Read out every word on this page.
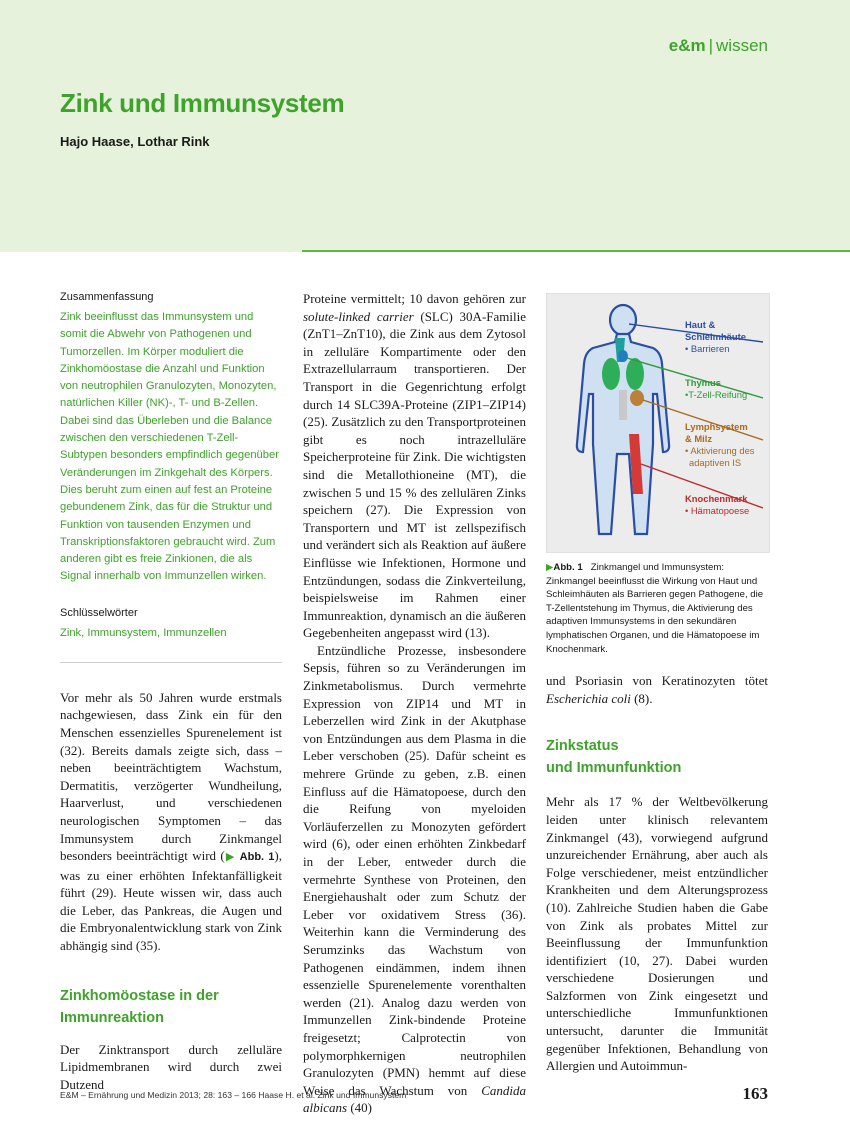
e&m | wissen
Zink und Immunsystem
Hajo Haase, Lothar Rink

Zusammenfassung

Zink beeinflusst das Immunsystem und somit die Abwehr von Pathogenen und Tumorzellen. Im Körper moduliert die Zinkhomöostase die Anzahl und Funktion von neutrophilen Granulozyten, Monozyten, natürlichen Killer (NK)-, T- und B-Zellen. Dabei sind das Überleben und die Balance zwischen den verschiedenen T-Zell-Subtypen besonders empfindlich gegenüber Veränderungen im Zinkgehalt des Körpers. Dies beruht zum einen auf fest an Proteine gebundenem Zink, das für die Struktur und Funktion von tausenden Enzymen und Transkriptionsfaktoren gebraucht wird. Zum anderen gibt es freie Zinkionen, die als Signal innerhalb von Immunzellen wirken.

Schlüsselwörter

Zink, Immunsystem, Immunzellen

Vor mehr als 50 Jahren wurde erstmals nachgewiesen, dass Zink ein für den Menschen essenzielles Spurenelement ist (32). Bereits damals zeigte sich, dass – neben beeinträchtigtem Wachstum, Dermatitis, verzögerter Wundheilung, Haarverlust, und verschiedenen neurologischen Symptomen – das Immunsystem durch Zinkmangel besonders beeinträchtigt wird (▶ Abb. 1), was zu einer erhöhten Infektanfälligkeit führt (29). Heute wissen wir, dass auch die Leber, das Pankreas, die Augen und die Embryonalentwicklung stark von Zink abhängig sind (35).

Zinkhomöostase in der Immunreaktion

Der Zinktransport durch zelluläre Lipidmembranen wird durch zwei Dutzend

Proteine vermittelt; 10 davon gehören zur solute-linked carrier (SLC) 30A-Familie (ZnT1–ZnT10), die Zink aus dem Zytosol in zelluläre Kompartimente oder den Extrazellularraum transportieren. Der Transport in die Gegenrichtung erfolgt durch 14 SLC39A-Proteine (ZIP1–ZIP14) (25). Zusätzlich zu den Transportproteinen gibt es noch intrazelluläre Speicherproteine für Zink. Die wichtigsten sind die Metallothioneine (MT), die zwischen 5 und 15 % des zellulären Zinks speichern (27). Die Expression von Transportern und MT ist zellspezifisch und verändert sich als Reaktion auf äußere Einflüsse wie Infektionen, Hormone und Entzündungen, sodass die Zinkverteilung, beispielsweise im Rahmen einer Immunreaktion, dynamisch an die äußeren Gegebenheiten angepasst wird (13).

Entzündliche Prozesse, insbesondere Sepsis, führen so zu Veränderungen im Zinkmetabolismus. Durch vermehrte Expression von ZIP14 und MT in Leberzellen wird Zink in der Akutphase von Entzündungen aus dem Plasma in die Leber verschoben (25). Dafür scheint es mehrere Gründe zu geben, z.B. einen Einfluss auf die Hämatopoese, durch den die Reifung von myeloiden Vorläuferzellen zu Monozyten gefördert wird (6), oder einen erhöhten Zinkbedarf in der Leber, entweder durch die vermehrte Synthese von Proteinen, den Energiehaushalt oder zum Schutz der Leber vor oxidativem Stress (36). Weiterhin kann die Verminderung des Serumzinks das Wachstum von Pathogenen eindämmen, indem ihnen essenzielle Spurenelemente vorenthalten werden (21). Analog dazu werden von Immunzellen Zink-bindende Proteine freigesetzt; Calprotectin von polymorphkernigen neutrophilen Granulozyten (PMN) hemmt auf diese Weise das Wachstum von Candida albicans (40)

Haut &
Schleimhäute
• Barrieren
Thymus
•T-Zell-Reifung
Lymphsystem
& Milz
• Aktivierung des
adaptiven IS
Knochenmark
• Hämatopoese

▶Abb. 1 Zinkmangel und Immunsystem: Zinkmangel beeinflusst die Wirkung von Haut und Schleimhäuten als Barrieren gegen Pathogene, die T-Zellentstehung im Thymus, die Aktivierung des adaptiven Immunsystems in den sekundären lymphatischen Organen, und die Hämatopoese im Knochenmark.

und Psoriasin von Keratinozyten tötet Escherichia coli (8).

Zinkstatus
und Immunfunktion

Mehr als 17 % der Weltbevölkerung leiden unter klinisch relevantem Zinkmangel (43), vorwiegend aufgrund unzureichender Ernährung, aber auch als Folge verschiedener, meist entzündlicher Krankheiten und dem Alterungsprozess (10). Zahlreiche Studien haben die Gabe von Zink als probates Mittel zur Beeinflussung der Immunfunktion identifiziert (10, 27). Dabei wurden verschiedene Dosierungen und Salzformen von Zink eingesetzt und unterschiedliche Immunfunktionen untersucht, darunter die Immunität gegenüber Infektionen, Behandlung von Allergien und Autoimmun-

E&M – Ernährung und Medizin 2013; 28: 163 – 166 Haase H. et al. Zink und Immunsystem	163
